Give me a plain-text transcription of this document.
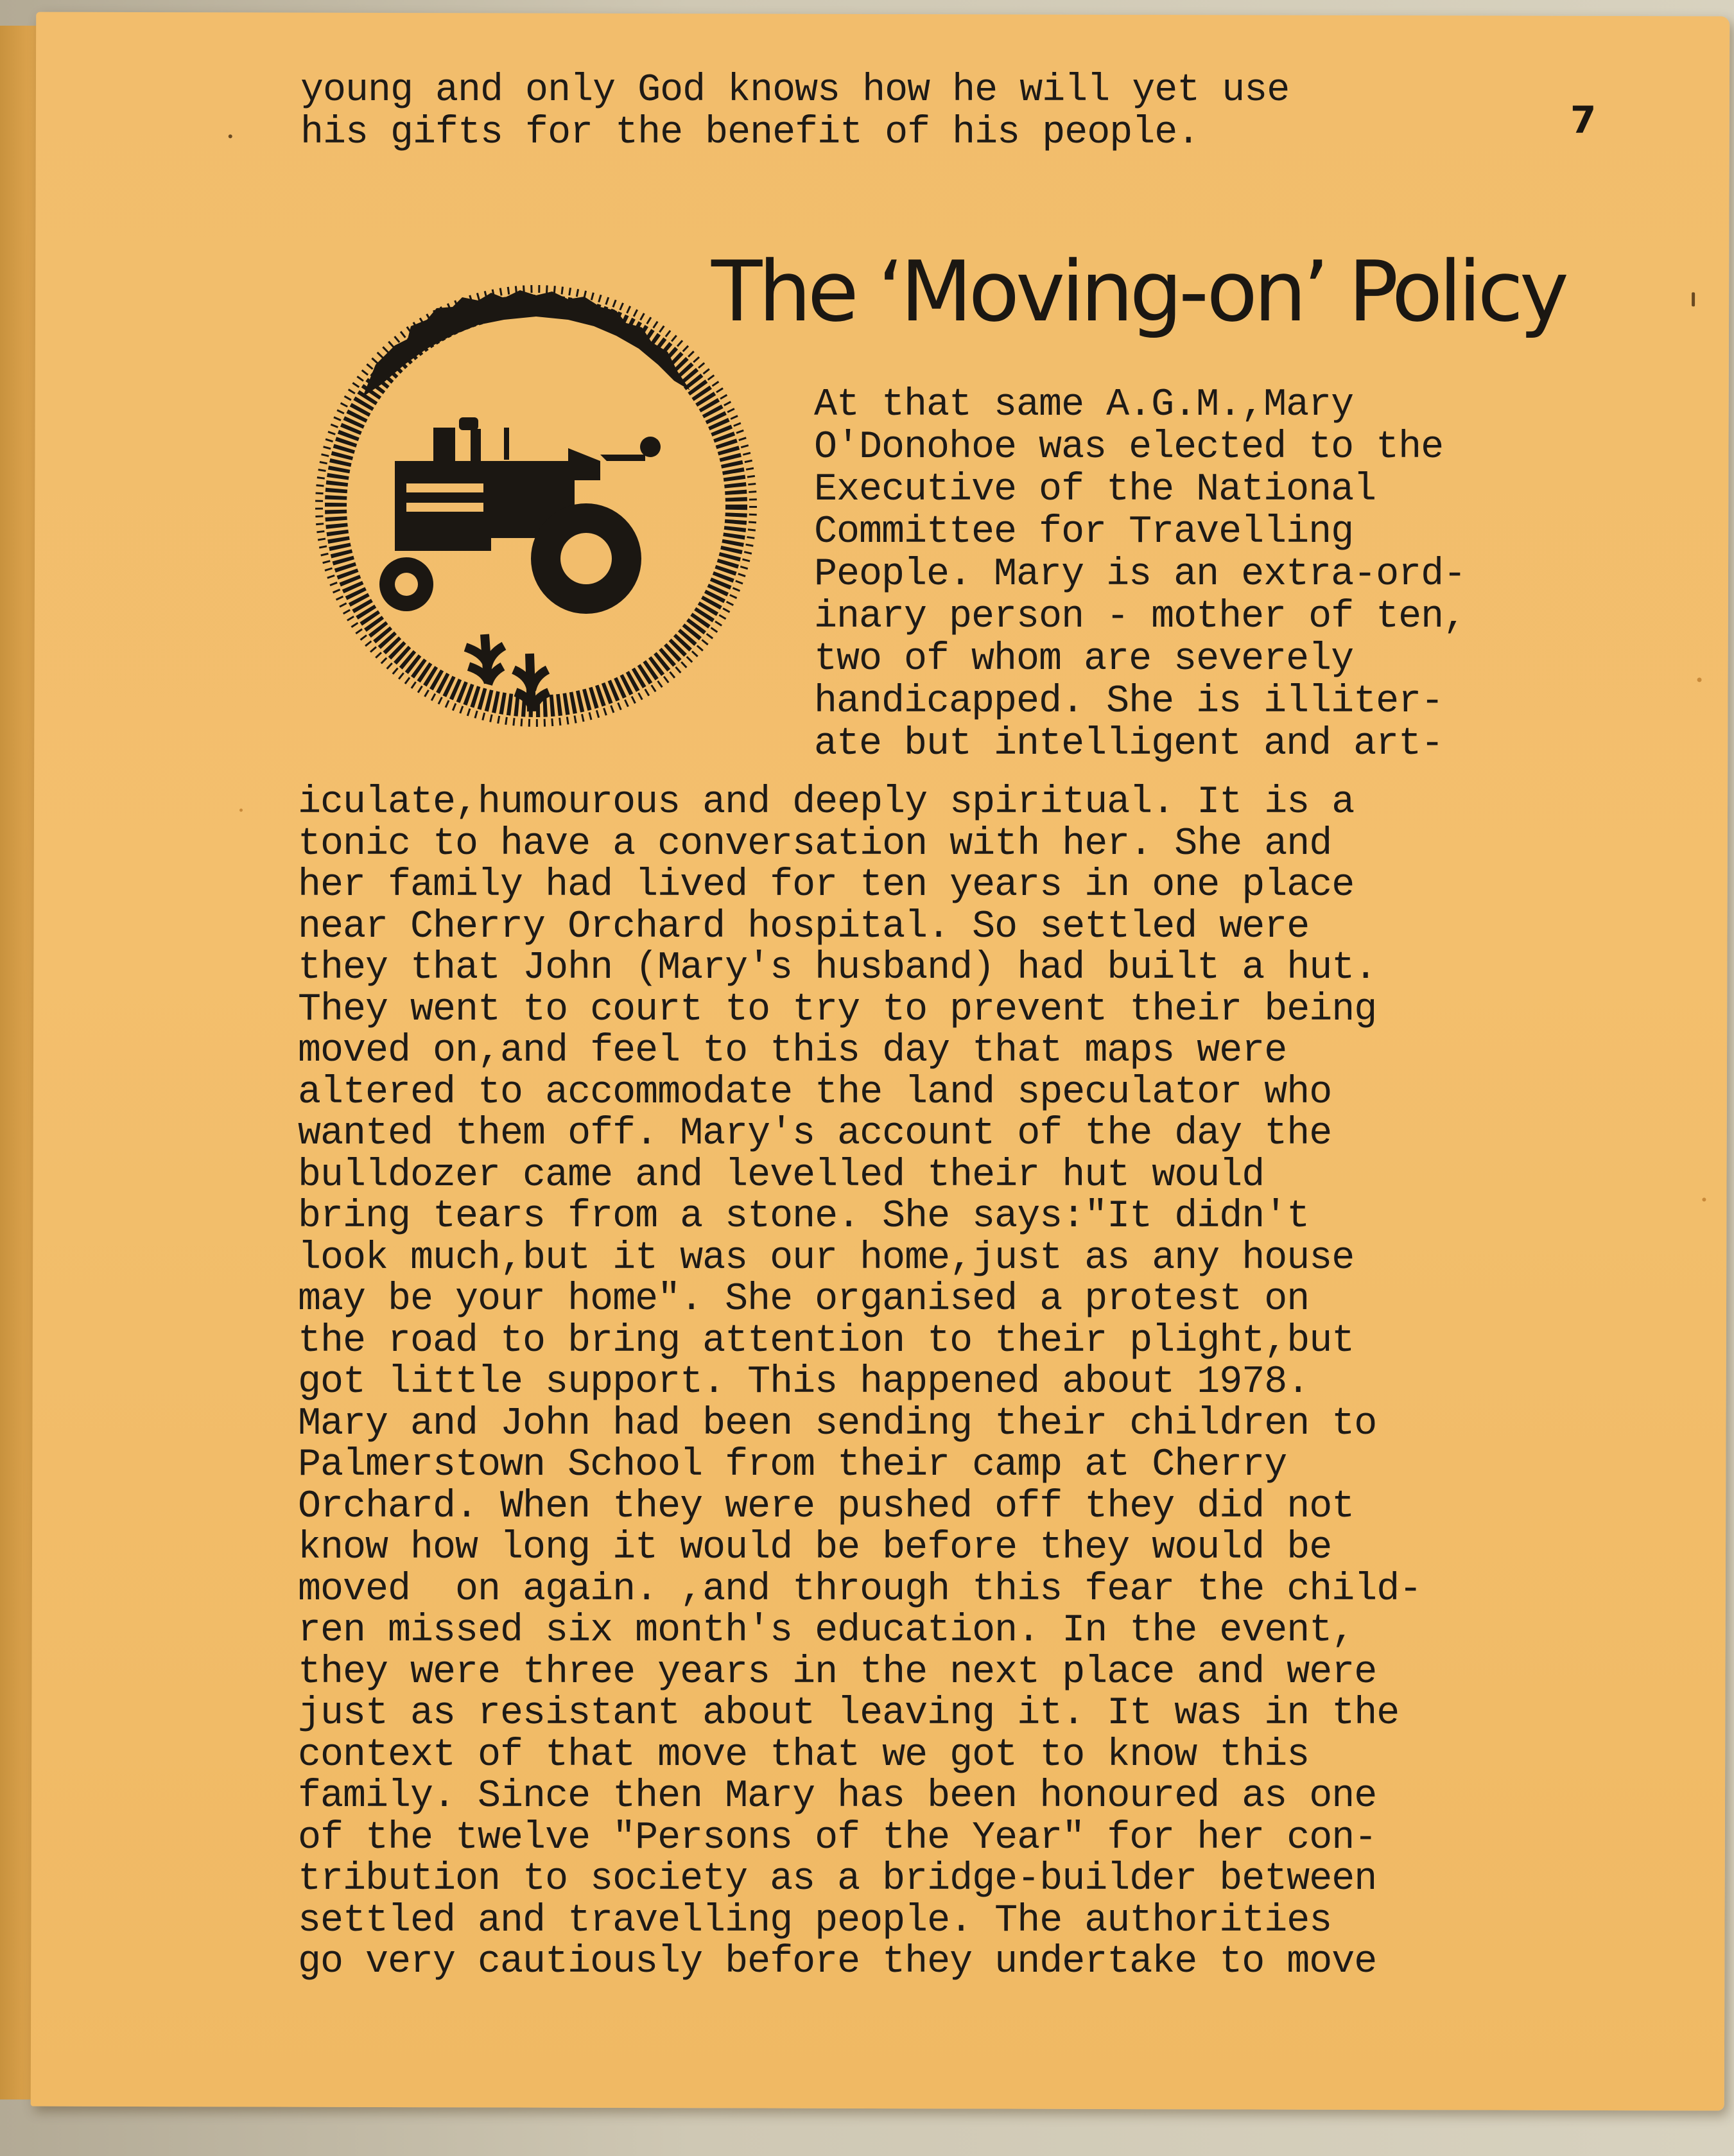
7

young and only God knows how he will yet use
his gifts for the benefit of his people.

The ‘Moving-on’ Policy

At that same A.G.M.,Mary
O'Donohoe was elected to the
Executive of the National
Committee for Travelling
People. Mary is an extra-ord-
inary person - mother of ten,
two of whom are severely
handicapped. She is illiter-
ate but intelligent and art-

iculate,humourous and deeply spiritual. It is a
tonic to have a conversation with her. She and
her family had lived for ten years in one place
near Cherry Orchard hospital. So settled were
they that John (Mary's husband) had built a hut.
They went to court to try to prevent their being
moved on,and feel to this day that maps were
altered to accommodate the land speculator who
wanted them off. Mary's account of the day the
bulldozer came and levelled their hut would
bring tears from a stone. She says:"It didn't
look much,but it was our home,just as any house
may be your home". She organised a protest on
the road to bring attention to their plight,but
got little support. This happened about 1978.
Mary and John had been sending their children to
Palmerstown School from their camp at Cherry
Orchard. When they were pushed off they did not
know how long it would be before they would be
moved  on again. ,and through this fear the child-
ren missed six month's education. In the event,
they were three years in the next place and were
just as resistant about leaving it. It was in the
context of that move that we got to know this
family. Since then Mary has been honoured as one
of the twelve "Persons of the Year" for her con-
tribution to society as a bridge-builder between
settled and travelling people. The authorities
go very cautiously before they undertake to move
